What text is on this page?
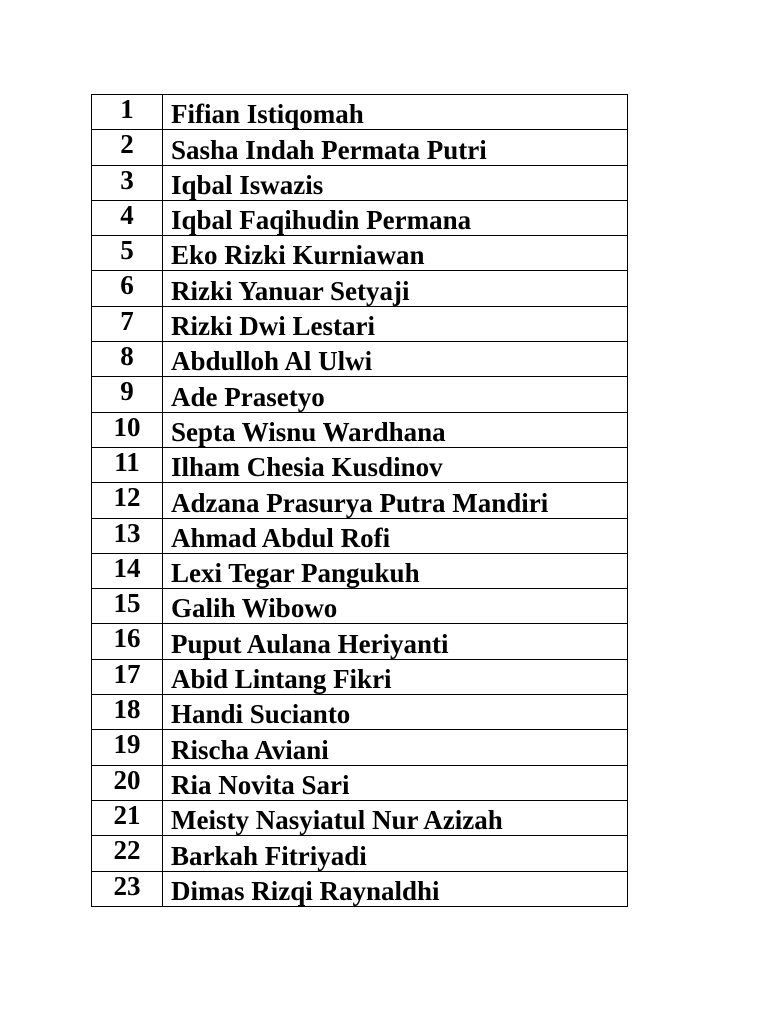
1	Fifian Istiqomah
2	Sasha Indah Permata Putri
3	Iqbal Iswazis
4	Iqbal Faqihudin Permana
5	Eko Rizki Kurniawan
6	Rizki Yanuar Setyaji
7	Rizki Dwi Lestari
8	Abdulloh Al Ulwi
9	Ade Prasetyo
10	Septa Wisnu Wardhana
11	Ilham Chesia Kusdinov
12	Adzana Prasurya Putra Mandiri
13	Ahmad Abdul Rofi
14	Lexi Tegar Pangukuh
15	Galih Wibowo
16	Puput Aulana Heriyanti
17	Abid Lintang Fikri
18	Handi Sucianto
19	Rischa Aviani
20	Ria Novita Sari
21	Meisty Nasyiatul Nur Azizah
22	Barkah Fitriyadi
23	Dimas Rizqi Raynaldhi
